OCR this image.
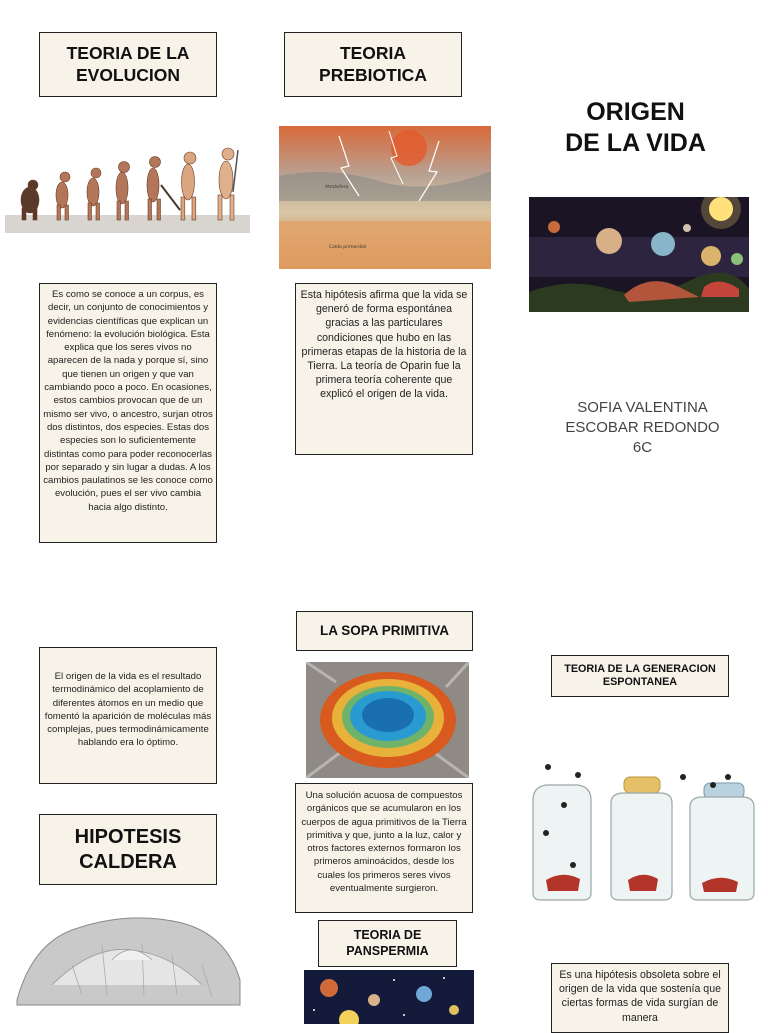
TEORIA DE LA
EVOLUCION
TEORIA
PREBIOTICA
ORIGEN
DE LA VIDA
Atmósfera
Caldo primordial
Es como se conoce a un corpus, es decir, un conjunto de conocimientos y evidencias científicas que explican un fenómeno: la evolución biológica. Esta explica que los seres vivos no aparecen de la nada y porque sí, sino que tienen un origen y que van cambiando poco a poco. En ocasiones, estos cambios provocan que de un mismo ser vivo, o ancestro, surjan otros dos distintos, dos especies. Estas dos especies son lo suficientemente distintas como para poder reconocerlas por separado y sin lugar a dudas. A los cambios paulatinos se les conoce como evolución, pues el ser vivo cambia hacia algo distinto.
Esta hipótesis afirma que la vida se generó de forma espontánea gracias a las particulares condiciones que hubo en las primeras etapas de la historia de la Tierra. La teoría de Oparin fue la primera teoría coherente que explicó el origen de la vida.
SOFIA VALENTINA
ESCOBAR REDONDO
6C
LA SOPA PRIMITIVA
El origen de la vida es el resultado termodinámico del acoplamiento de diferentes átomos en un medio que fomentó la aparición de moléculas más complejas, pues termodinámicamente hablando era lo óptimo.
TEORIA DE LA GENERACION
ESPONTANEA
Una solución acuosa de compuestos orgánicos que se acumularon en los cuerpos de agua primitivos de la Tierra primitiva y que, junto a la luz, calor y otros factores externos formaron los primeros aminoácidos, desde los cuales los primeros seres vivos eventualmente surgieron.
HIPOTESIS
CALDERA
TEORIA DE
PANSPERMIA
Es una hipótesis obsoleta sobre el origen de la vida que sostenía que ciertas formas de vida surgían de manera
